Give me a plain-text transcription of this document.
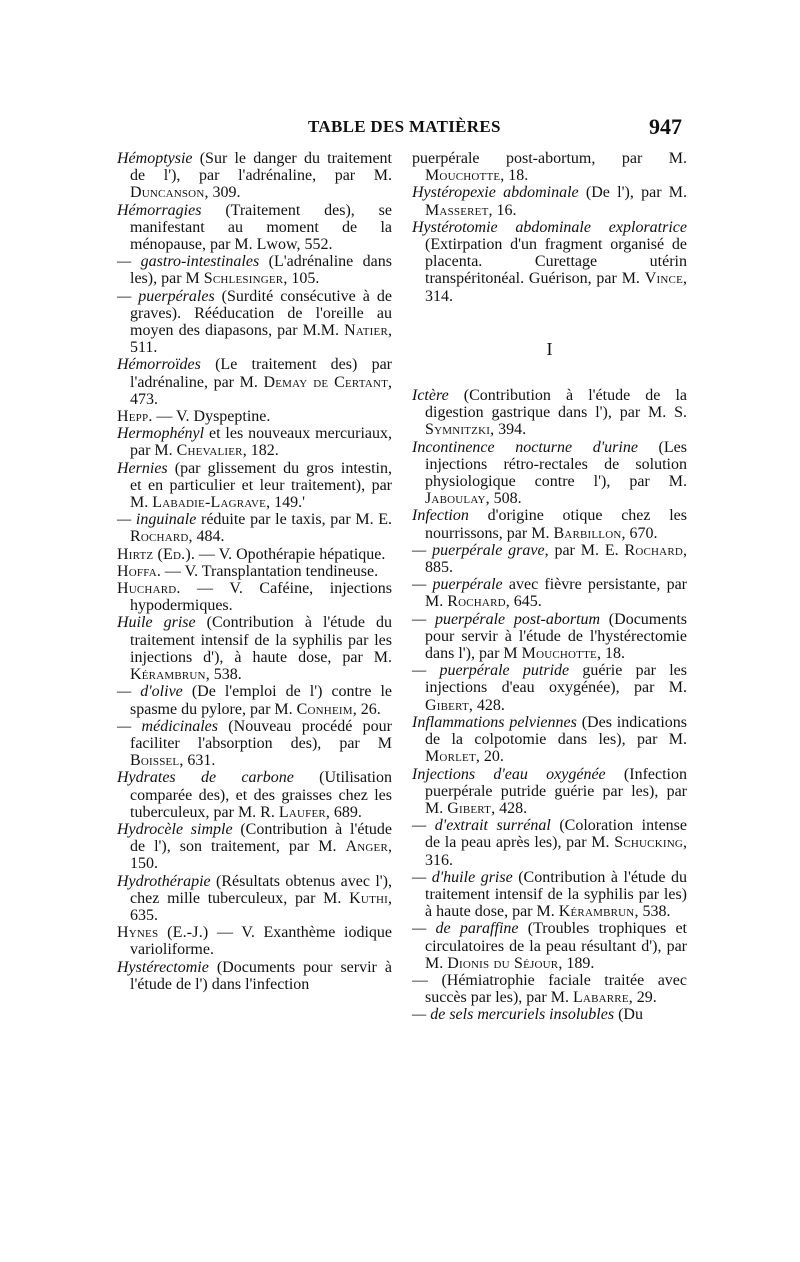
TABLE DES MATIÈRES	947

Hémoptysie (Sur le danger du traitement de l'), par l'adrénaline, par M. Duncanson, 309.

Hémorragies (Traitement des), se manifestant au moment de la ménopause, par M. Lwow, 552.

— gastro-intestinales (L'adrénaline dans les), par M Schlesinger, 105.

— puerpérales (Surdité consécutive à de graves). Rééducation de l'oreille au moyen des diapasons, par M.M. Natier, 511.

Hémorroïdes (Le traitement des) par l'adrénaline, par M. Demay de Certant, 473.

Hepp. — V. Dyspeptine.

Hermophényl et les nouveaux mercuriaux, par M. Chevalier, 182.

Hernies (par glissement du gros intestin, et en particulier et leur traitement), par M. Labadie-Lagrave, 149.'

— inguinale réduite par le taxis, par M. E. Rochard, 484.

Hirtz (Ed.). — V. Opothérapie hépatique.

Hoffa. — V. Transplantation tendineuse.

Huchard. — V. Caféine, injections hypodermiques.

Huile grise (Contribution à l'étude du traitement intensif de la syphilis par les injections d'), à haute dose, par M. Kérambrun, 538.

— d'olive (De l'emploi de l') contre le spasme du pylore, par M. Conheim, 26.

— médicinales (Nouveau procédé pour faciliter l'absorption des), par M Boissel, 631.

Hydrates de carbone (Utilisation comparée des), et des graisses chez les tuberculeux, par M. R. Laufer, 689.

Hydrocèle simple (Contribution à l'étude de l'), son traitement, par M. Anger, 150.

Hydrothérapie (Résultats obtenus avec l'), chez mille tuberculeux, par M. Kuthi, 635.

Hynes (E.-J.) — V. Exanthème iodique varioliforme.

Hystérectomie (Documents pour servir à l'étude de l') dans l'infection

puerpérale post-abortum, par M. Mouchotte, 18.

Hystéropexie abdominale (De l'), par M. Masseret, 16.

Hystérotomie abdominale exploratrice (Extirpation d'un fragment organisé de placenta. Curettage utérin transpéritonéal. Guérison, par M. Vince, 314.

I

Ictère (Contribution à l'étude de la digestion gastrique dans l'), par M. S. Symnitzki, 394.

Incontinence nocturne d'urine (Les injections rétro-rectales de solution physiologique contre l'), par M. Jaboulay, 508.

Infection d'origine otique chez les nourrissons, par M. Barbillon, 670.

— puerpérale grave, par M. E. Rochard, 885.

— puerpérale avec fièvre persistante, par M. Rochard, 645.

— puerpérale post-abortum (Documents pour servir à l'étude de l'hystérectomie dans l'), par M Mouchotte, 18.

— puerpérale putride guérie par les injections d'eau oxygénée), par M. Gibert, 428.

Inflammations pelviennes (Des indications de la colpotomie dans les), par M. Morlet, 20.

Injections d'eau oxygénée (Infection puerpérale putride guérie par les), par M. Gibert, 428.

— d'extrait surrénal (Coloration intense de la peau après les), par M. Schucking, 316.

— d'huile grise (Contribution à l'étude du traitement intensif de la syphilis par les) à haute dose, par M. Kérambrun, 538.

— de paraffine (Troubles trophiques et circulatoires de la peau résultant d'), par M. Dionis du Séjour, 189.

— (Hémiatrophie faciale traitée avec succès par les), par M. Labarre, 29.

— de sels mercuriels insolubles (Du
